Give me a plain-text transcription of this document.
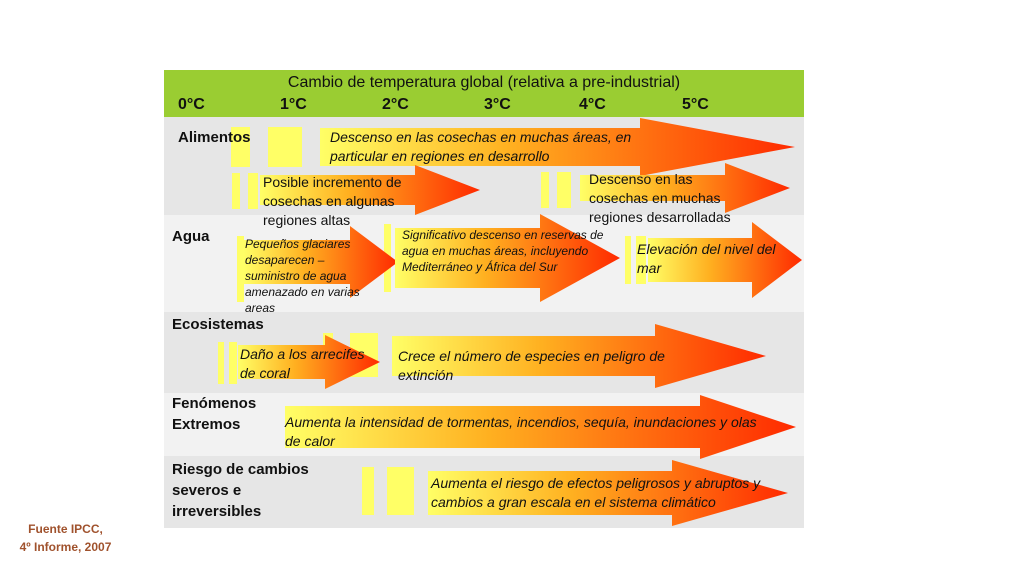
Cambio de temperatura global (relativa a pre-industrial)
0°C	1°C	2°C	3°C	4°C	5°C
Alimentos
Agua
Ecosistemas
Fenómenos Extremos
Riesgo de cambios severos e irreversibles
Descenso en las cosechas en muchas áreas, en particular en regiones en desarrollo
Posible incremento de cosechas en algunas regiones altas
Descenso en las cosechas en muchas regiones desarrolladas
Pequeños glaciares desaparecen – suministro de agua amenazado en varias areas
Significativo descenso en reservas de agua en muchas áreas, incluyendo Mediterráneo y África del Sur
Elevación del nivel del mar
Daño a los arrecifes de coral
Crece el número de especies en peligro de extinción
Aumenta la intensidad de tormentas, incendios, sequía, inundaciones y olas de calor
Aumenta el riesgo de efectos peligrosos y abruptos y cambios a gran escala en el sistema climático
Fuente IPCC,
4º Informe, 2007
